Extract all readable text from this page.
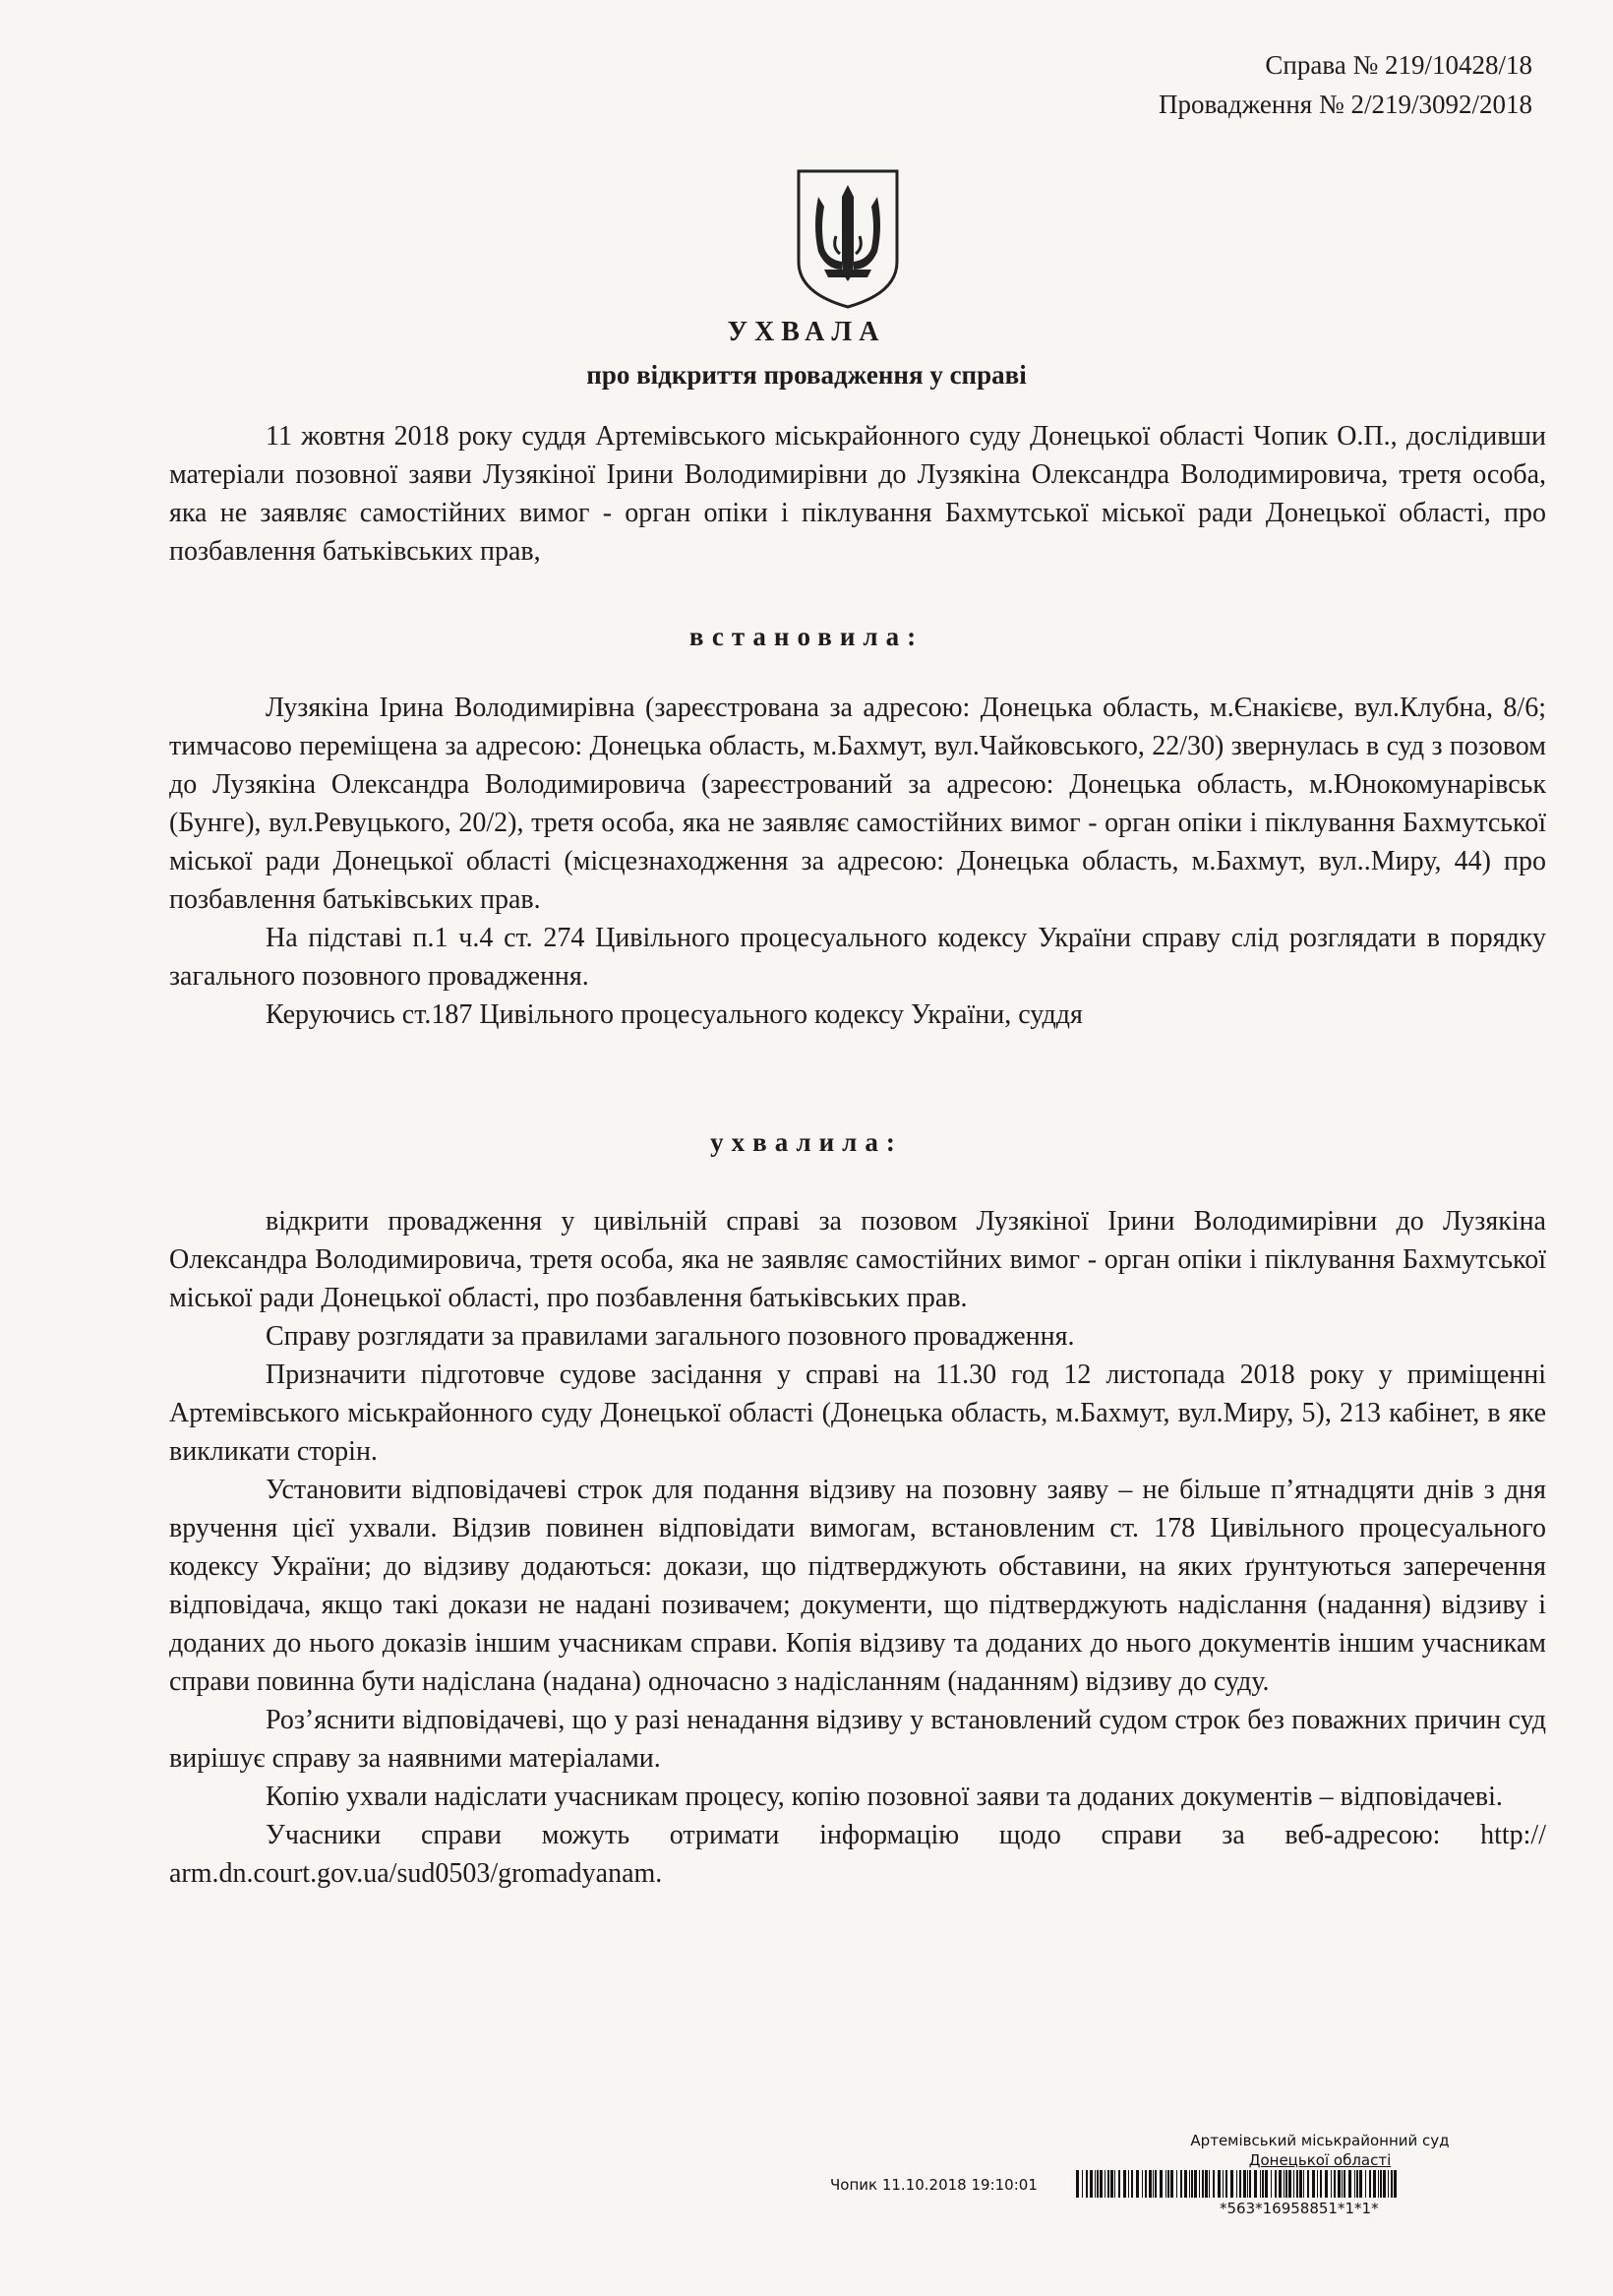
Справа № 219/10428/18
Провадження № 2/219/3092/2018
УХВАЛА
про відкриття провадження у справі

11 жовтня 2018 року суддя Артемівського міськрайонного суду Донецької області Чопик О.П., дослідивши матеріали позовної заяви Лузякіної Ірини Володимирівни до Лузякіна Олександра Володимировича, третя особа, яка не заявляє самостійних вимог - орган опіки і піклування Бахмутської міської ради Донецької області, про позбавлення батьківських прав,

встановила:

Лузякіна Ірина Володимирівна (зареєстрована за адресою: Донецька область, м.Єнакієве, вул.Клубна, 8/6; тимчасово переміщена за адресою: Донецька область, м.Бахмут, вул.Чайковського, 22/30) звернулась в суд з позовом до Лузякіна Олександра Володимировича (зареєстрований за адресою: Донецька область, м.Юнокомунарівськ (Бунге), вул.Ревуцького, 20/2), третя особа, яка не заявляє самостійних вимог - орган опіки і піклування Бахмутської міської ради Донецької області (місцезнаходження за адресою: Донецька область, м.Бахмут, вул..Миру, 44) про позбавлення батьківських прав.

На підставі п.1 ч.4 ст. 274 Цивільного процесуального кодексу України справу слід розглядати в порядку загального позовного провадження.

Керуючись ст.187 Цивільного процесуального кодексу України, суддя

ухвалила:

відкрити провадження у цивільній справі за позовом Лузякіної Ірини Володимирівни до Лузякіна Олександра Володимировича, третя особа, яка не заявляє самостійних вимог - орган опіки і піклування Бахмутської міської ради Донецької області, про позбавлення батьківських прав.

Справу розглядати за правилами загального позовного провадження.

Призначити підготовче судове засідання у справі на 11.30 год 12 листопада 2018 року у приміщенні Артемівського міськрайонного суду Донецької області (Донецька область, м.Бахмут, вул.Миру, 5), 213 кабінет, в яке викликати сторін.

Установити відповідачеві строк для подання відзиву на позовну заяву – не більше п’ятнадцяти днів з дня вручення цієї ухвали. Відзив повинен відповідати вимогам, встановленим ст. 178 Цивільного процесуального кодексу України; до відзиву додаються: докази, що підтверджують обставини, на яких ґрунтуються заперечення відповідача, якщо такі докази не надані позивачем; документи, що підтверджують надіслання (надання) відзиву і доданих до нього доказів іншим учасникам справи. Копія відзиву та доданих до нього документів іншим учасникам справи повинна бути надіслана (надана) одночасно з надісланням (наданням) відзиву до суду.

Роз’яснити відповідачеві, що у разі ненадання відзиву у встановлений судом строк без поважних причин суд вирішує справу за наявними матеріалами.

Копію ухвали надіслати учасникам процесу, копію позовної заяви та доданих документів – відповідачеві.

Учасники справи можуть отримати інформацію щодо справи за веб-адресою: http:// arm.dn.court.gov.ua/sud0503/gromadyanam.

Артемівський міськрайонний суд
Донецької області
Чопик 11.10.2018 19:10:01
*563*16958851*1*1*
